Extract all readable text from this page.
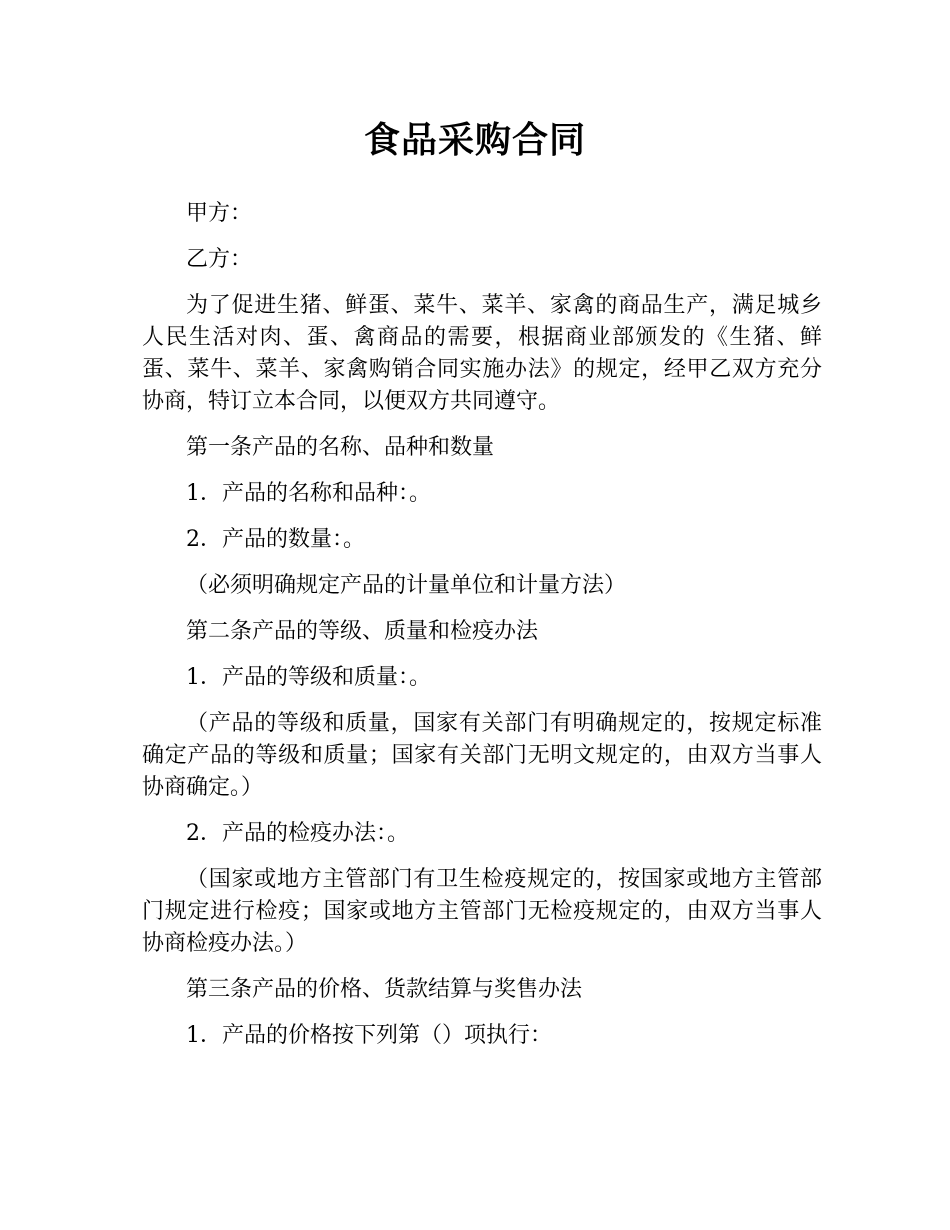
食品采购合同

甲方：

乙方：

为了促进生猪、鲜蛋、菜牛、菜羊、家禽的商品生产，满足城乡人民生活对肉、蛋、禽商品的需要，根据商业部颁发的《生猪、鲜蛋、菜牛、菜羊、家禽购销合同实施办法》的规定，经甲乙双方充分协商，特订立本合同，以便双方共同遵守。

第一条产品的名称、品种和数量

1．产品的名称和品种：。

2．产品的数量：。

（必须明确规定产品的计量单位和计量方法）

第二条产品的等级、质量和检疫办法

1．产品的等级和质量：。

（产品的等级和质量，国家有关部门有明确规定的，按规定标准确定产品的等级和质量；国家有关部门无明文规定的，由双方当事人协商确定。）

2．产品的检疫办法：。

（国家或地方主管部门有卫生检疫规定的，按国家或地方主管部门规定进行检疫；国家或地方主管部门无检疫规定的，由双方当事人协商检疫办法。）

第三条产品的价格、货款结算与奖售办法

1．产品的价格按下列第（）项执行：
